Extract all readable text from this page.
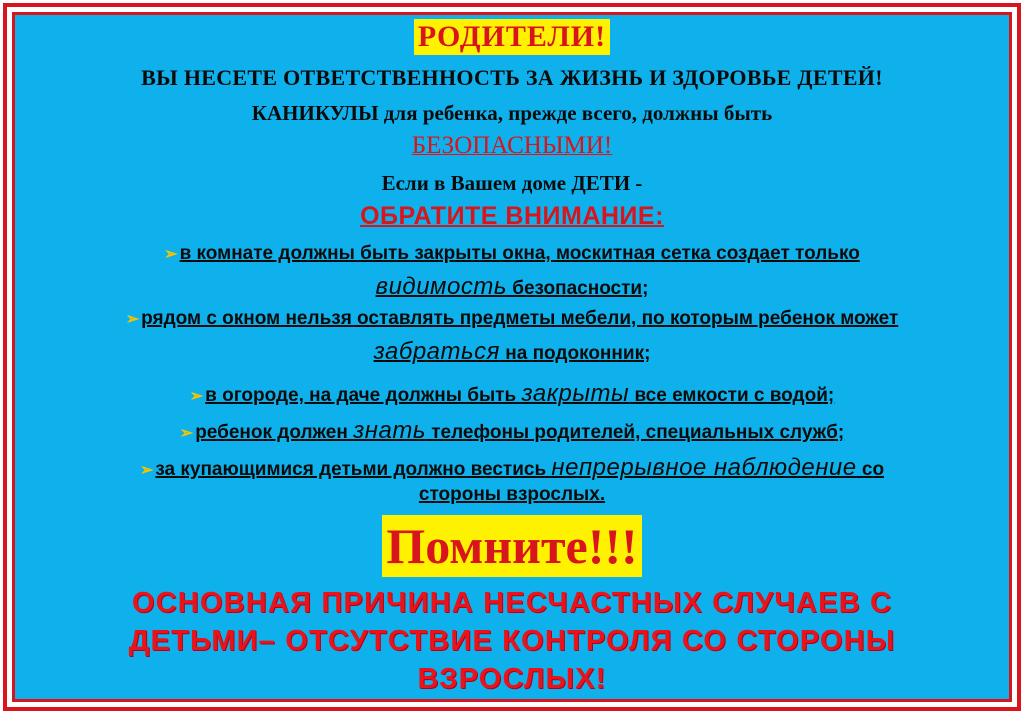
РОДИТЕЛИ!
ВЫ НЕСЕТЕ ОТВЕТСТВЕННОСТЬ ЗА ЖИЗНЬ И ЗДОРОВЬЕ ДЕТЕЙ!
КАНИКУЛЫ для ребенка, прежде всего, должны быть
БЕЗОПАСНЫМИ!
Если в Вашем доме ДЕТИ -
ОБРАТИТЕ ВНИМАНИЕ:
➢ в комнате должны быть закрыты окна, москитная сетка создает только
видимость безопасности;
➢ рядом с окном нельзя оставлять предметы мебели, по которым ребенок может
забраться на подоконник;
➢ в огороде, на даче должны быть закрыты все емкости с водой;
➢ ребенок должен знать телефоны родителей, специальных служб;
➢ за купающимися детьми должно вестись непрерывное наблюдение со
стороны взрослых.
Помните!!!
ОСНОВНАЯ ПРИЧИНА НЕСЧАСТНЫХ СЛУЧАЕВ С
ДЕТЬМИ– ОТСУТСТВИЕ КОНТРОЛЯ СО СТОРОНЫ
ВЗРОСЛЫХ!
